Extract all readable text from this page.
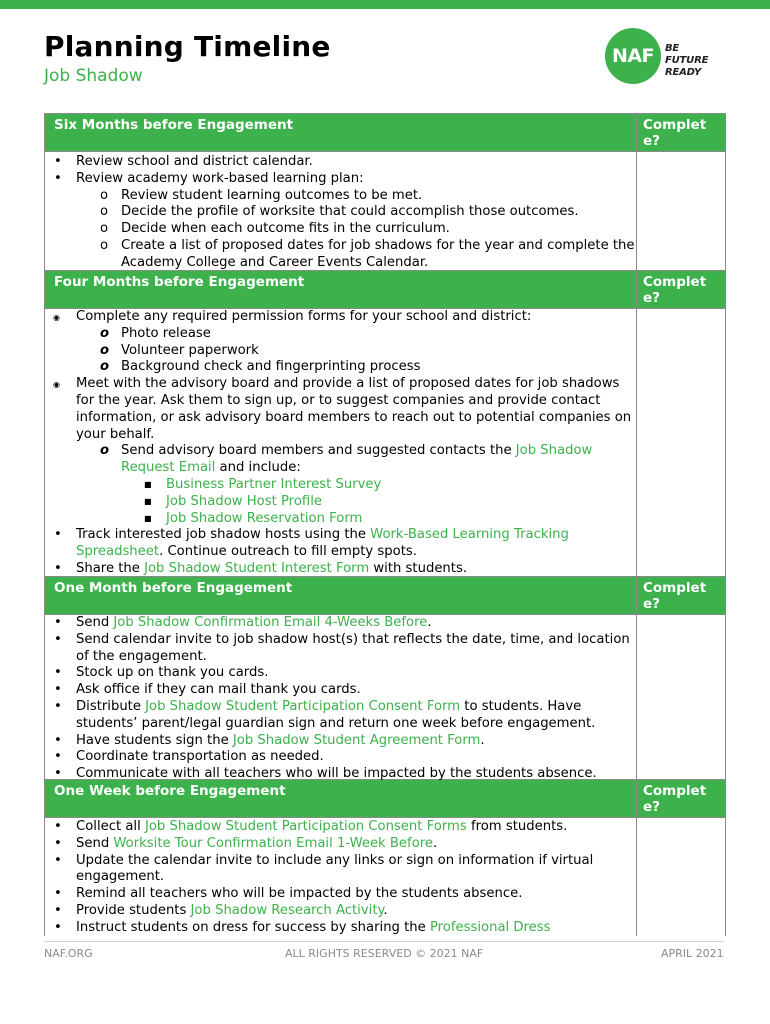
Planning Timeline
Job Shadow
NAF	BE FUTURE
READY
Six Months before Engagement	Complete?
• Review school and district calendar.
• Review academy work-based learning plan:
o Review student learning outcomes to be met.
o Decide the profile of worksite that could accomplish those outcomes.
o Decide when each outcome fits in the curriculum.
o Create a list of proposed dates for job shadows for the year and complete the Academy College and Career Events Calendar.
Four Months before Engagement	Complete?
◉ Complete any required permission forms for your school and district:
o Photo release
o Volunteer paperwork
o Background check and fingerprinting process
◉ Meet with the advisory board and provide a list of proposed dates for job shadows for the year. Ask them to sign up, or to suggest companies and provide contact information, or ask advisory board members to reach out to potential companies on your behalf.
o Send advisory board members and suggested contacts the Job Shadow Request Email and include:
■ Business Partner Interest Survey
■ Job Shadow Host Profile
■ Job Shadow Reservation Form
• Track interested job shadow hosts using the Work-Based Learning Tracking Spreadsheet. Continue outreach to fill empty spots.
• Share the Job Shadow Student Interest Form with students.
One Month before Engagement	Complete?
• Send Job Shadow Confirmation Email 4-Weeks Before.
• Send calendar invite to job shadow host(s) that reflects the date, time, and location of the engagement.
• Stock up on thank you cards.
• Ask office if they can mail thank you cards.
• Distribute Job Shadow Student Participation Consent Form to students. Have students’ parent/legal guardian sign and return one week before engagement.
• Have students sign the Job Shadow Student Agreement Form.
• Coordinate transportation as needed.
• Communicate with all teachers who will be impacted by the students absence.
One Week before Engagement	Complete?
• Collect all Job Shadow Student Participation Consent Forms from students.
• Send Worksite Tour Confirmation Email 1-Week Before.
• Update the calendar invite to include any links or sign on information if virtual engagement.
• Remind all teachers who will be impacted by the students absence.
• Provide students Job Shadow Research Activity.
• Instruct students on dress for success by sharing the Professional Dress
NAF.ORG	ALL RIGHTS RESERVED © 2021 NAF	APRIL 2021
